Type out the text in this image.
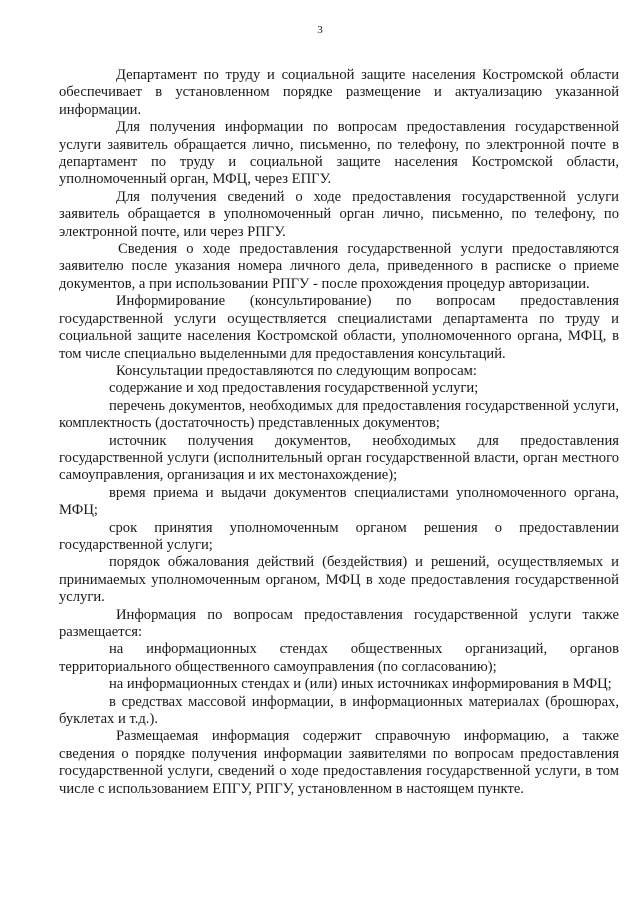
3

Департамент по труду и социальной защите населения Костромской области обеспечивает в установленном порядке размещение и актуализацию указанной информации.

Для получения информации по вопросам предоставления государственной услуги заявитель обращается лично, письменно, по телефону, по электронной почте в департамент по труду и социальной защите населения Костромской области, уполномоченный орган, МФЦ, через ЕПГУ.

Для получения сведений о ходе предоставления государственной услуги заявитель обращается в уполномоченный орган лично, письменно, по телефону, по электронной почте, или через РПГУ.

Сведения о ходе предоставления государственной услуги предоставляются заявителю после указания номера личного дела, приведенного в расписке о приеме документов, а при использовании РПГУ - после прохождения процедур авторизации.

Информирование (консультирование) по вопросам предоставления государственной услуги осуществляется специалистами департамента по труду и социальной защите населения Костромской области, уполномоченного органа, МФЦ, в том числе специально выделенными для предоставления консультаций.

Консультации предоставляются по следующим вопросам:

содержание и ход предоставления государственной услуги;

перечень документов, необходимых для предоставления государственной услуги, комплектность (достаточность) представленных документов;

источник получения документов, необходимых для предоставления государственной услуги (исполнительный орган государственной власти, орган местного самоуправления, организация и их местонахождение);

время приема и выдачи документов специалистами уполномоченного органа, МФЦ;

срок принятия уполномоченным органом решения о предоставлении государственной услуги;

порядок обжалования действий (бездействия) и решений, осуществляемых и принимаемых уполномоченным органом, МФЦ в ходе предоставления государственной услуги.

Информация по вопросам предоставления государственной услуги также размещается:

на информационных стендах общественных организаций, органов территориального общественного самоуправления (по согласованию);

на информационных стендах и (или) иных источниках информирования в МФЦ;

в средствах массовой информации, в информационных материалах (брошюрах, буклетах и т.д.).

Размещаемая информация содержит справочную информацию, а также сведения о порядке получения информации заявителями по вопросам предоставления государственной услуги, сведений о ходе предоставления государственной услуги, в том числе с использованием ЕПГУ, РПГУ, установленном в настоящем пункте.
